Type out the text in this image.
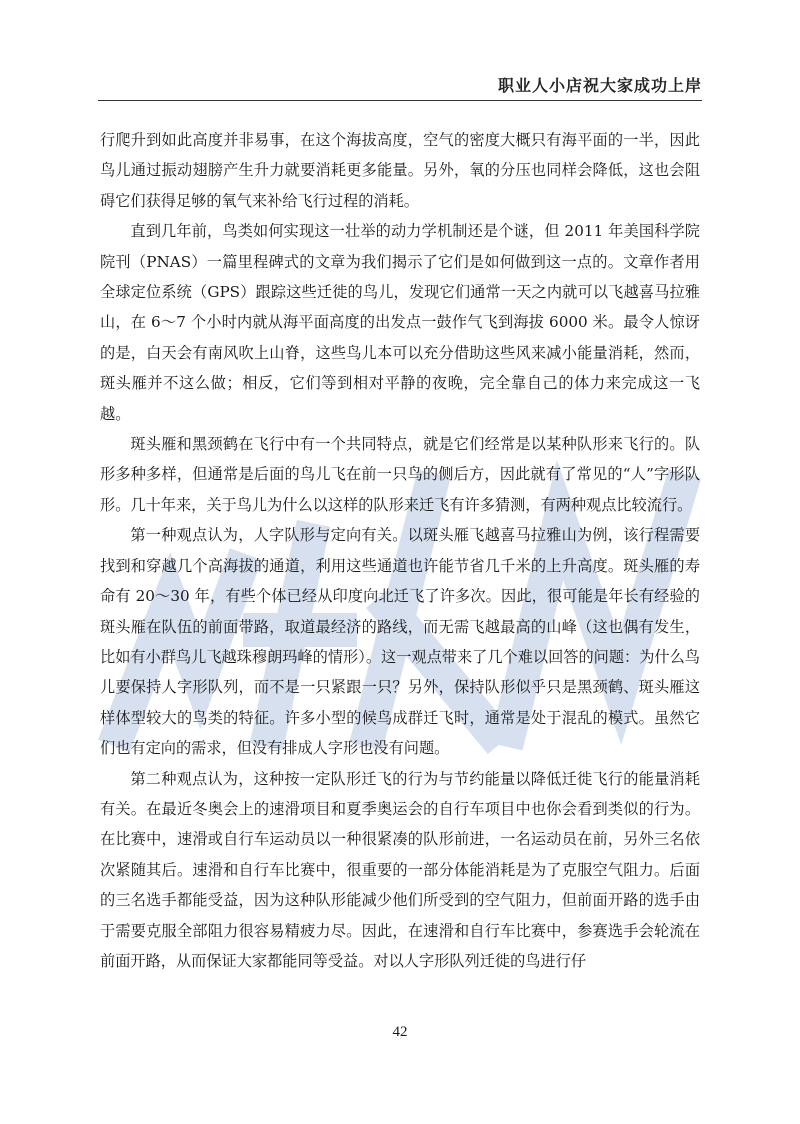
职业人小店祝大家成功上岸

行爬升到如此高度并非易事，在这个海拔高度，空气的密度大概只有海平面的一半，因此鸟儿通过振动翅膀产生升力就要消耗更多能量。另外，氧的分压也同样会降低，这也会阻碍它们获得足够的氧气来补给飞行过程的消耗。

直到几年前，鸟类如何实现这一壮举的动力学机制还是个谜，但 2011 年美国科学院院刊（PNAS）一篇里程碑式的文章为我们揭示了它们是如何做到这一点的。文章作者用全球定位系统（GPS）跟踪这些迁徙的鸟儿，发现它们通常一天之内就可以飞越喜马拉雅山，在 6～7 个小时内就从海平面高度的出发点一鼓作气飞到海拔 6000 米。最令人惊讶的是，白天会有南风吹上山脊，这些鸟儿本可以充分借助这些风来减小能量消耗，然而，斑头雁并不这么做；相反，它们等到相对平静的夜晚，完全靠自己的体力来完成这一飞越。

斑头雁和黑颈鹤在飞行中有一个共同特点，就是它们经常是以某种队形来飞行的。队形多种多样，但通常是后面的鸟儿飞在前一只鸟的侧后方，因此就有了常见的“人”字形队形。几十年来，关于鸟儿为什么以这样的队形来迁飞有许多猜测，有两种观点比较流行。

第一种观点认为，人字队形与定向有关。以斑头雁飞越喜马拉雅山为例，该行程需要找到和穿越几个高海拔的通道，利用这些通道也许能节省几千米的上升高度。斑头雁的寿命有 20～30 年，有些个体已经从印度向北迁飞了许多次。因此，很可能是年长有经验的斑头雁在队伍的前面带路，取道最经济的路线，而无需飞越最高的山峰（这也偶有发生，比如有小群鸟儿飞越珠穆朗玛峰的情形）。这一观点带来了几个难以回答的问题：为什么鸟儿要保持人字形队列，而不是一只紧跟一只？另外，保持队形似乎只是黑颈鹤、斑头雁这样体型较大的鸟类的特征。许多小型的候鸟成群迁飞时，通常是处于混乱的模式。虽然它们也有定向的需求，但没有排成人字形也没有问题。

第二种观点认为，这种按一定队形迁飞的行为与节约能量以降低迁徙飞行的能量消耗有关。在最近冬奥会上的速滑项目和夏季奥运会的自行车项目中也你会看到类似的行为。在比赛中，速滑或自行车运动员以一种很紧凑的队形前进，一名运动员在前，另外三名依次紧随其后。速滑和自行车比赛中，很重要的一部分体能消耗是为了克服空气阻力。后面的三名选手都能受益，因为这种队形能减少他们所受到的空气阻力，但前面开路的选手由于需要克服全部阻力很容易精疲力尽。因此，在速滑和自行车比赛中，参赛选手会轮流在前面开路，从而保证大家都能同等受益。对以人字形队列迁徙的鸟进行仔

42
